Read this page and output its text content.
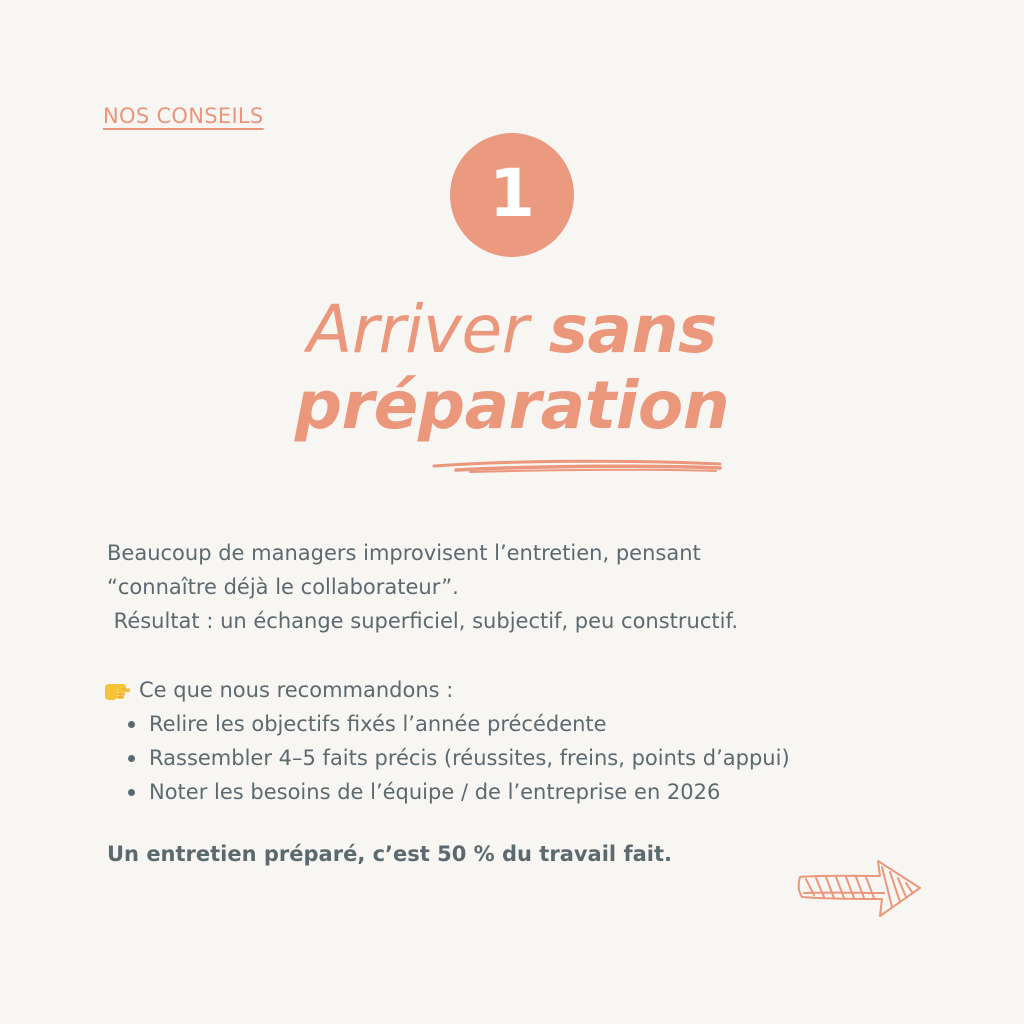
NOS CONSEILS
1
Arriver sans
préparation

Beaucoup de managers improvisent l’entretien, pensant

“connaître déjà le collaborateur”.

Résultat : un échange superficiel, subjectif, peu constructif.

Ce que nous recommandons :
Relire les objectifs fixés l’année précédente
Rassembler 4–5 faits précis (réussites, freins, points d’appui)
Noter les besoins de l’équipe / de l’entreprise en 2026
Un entretien préparé, c’est 50 % du travail fait.
